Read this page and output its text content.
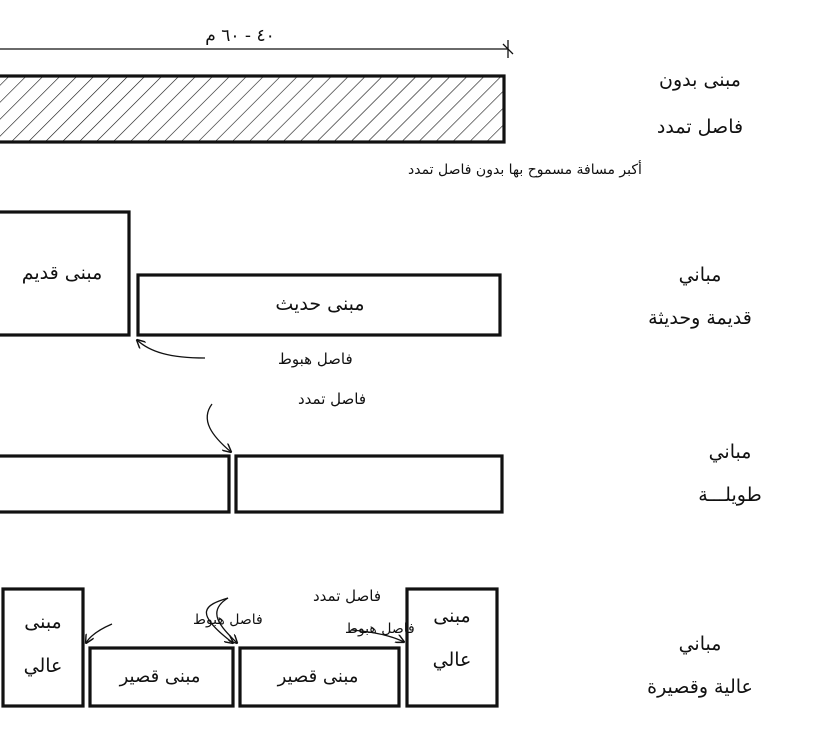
٤٠ - ٦٠ م
أكبر مسافة مسموح بها بدون فاصل تمدد
مبنى بدون
فاصل تمدد
مبنى قديم
مبنى حديث
فاصل هبوط
مباني
قديمة وحديثة
فاصل تمدد
مباني
طويلـــة
مبنى
عالي	مبنى قصير	مبنى قصير
مبنى
عالي
فاصل تمدد
فاصل هبوط
فاصل هبوط
مباني
عالية وقصيرة
